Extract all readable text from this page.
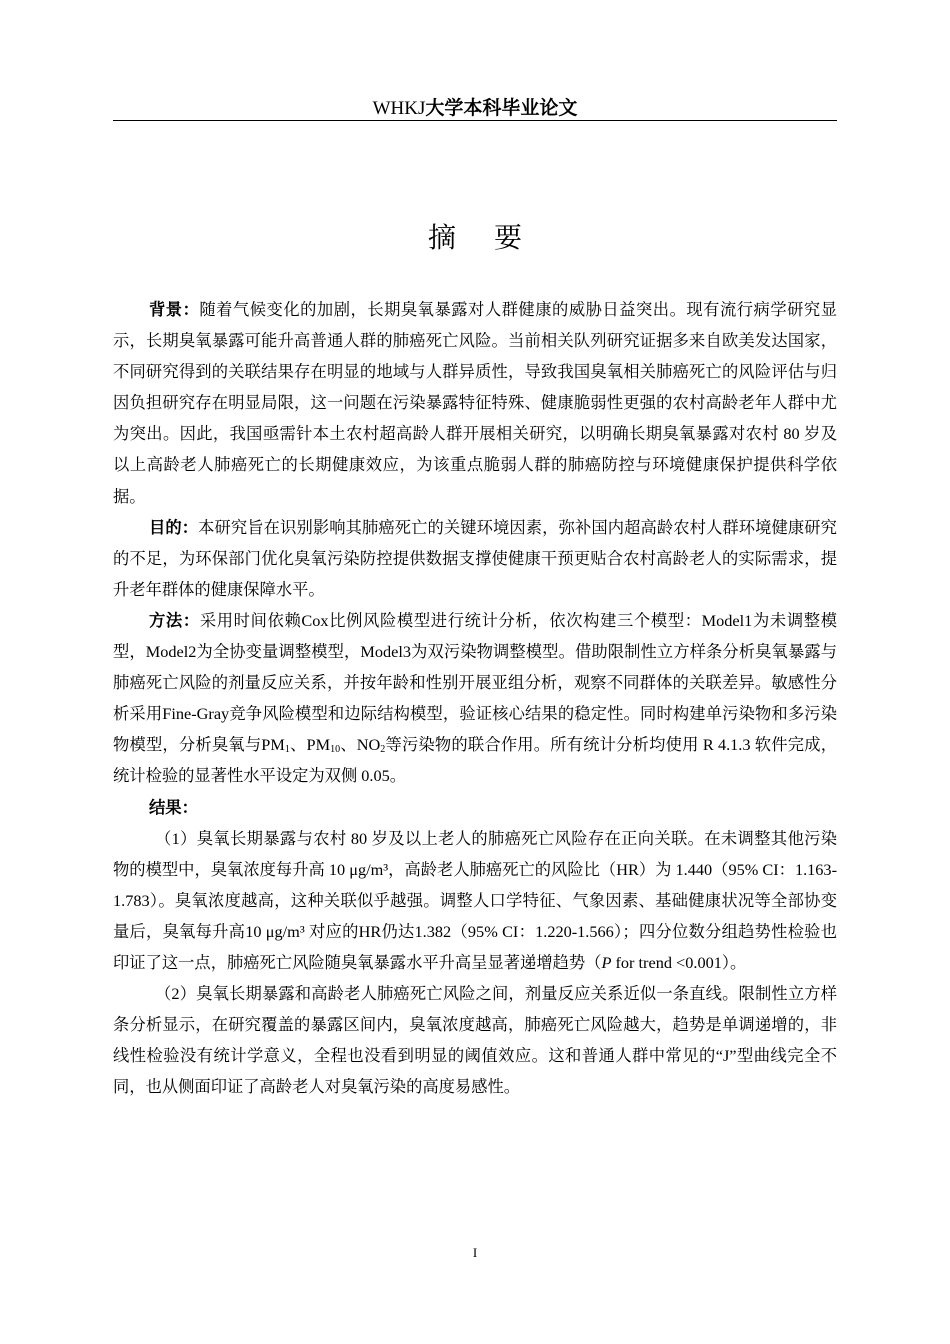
WHKJ大学本科毕业论文
摘要

背景：随着气候变化的加剧，长期臭氧暴露对人群健康的威胁日益突出。现有流行病学研究显示，长期臭氧暴露可能升高普通人群的肺癌死亡风险。当前相关队列研究证据多来自欧美发达国家，不同研究得到的关联结果存在明显的地域与人群异质性，导致我国臭氧相关肺癌死亡的风险评估与归因负担研究存在明显局限，这一问题在污染暴露特征特殊、健康脆弱性更强的农村高龄老年人群中尤为突出。因此，我国亟需针本土农村超高龄人群开展相关研究，以明确长期臭氧暴露对农村 80 岁及以上高龄老人肺癌死亡的长期健康效应，为该重点脆弱人群的肺癌防控与环境健康保护提供科学依据。

目的：本研究旨在识别影响其肺癌死亡的关键环境因素，弥补国内超高龄农村人群环境健康研究的不足，为环保部门优化臭氧污染防控提供数据支撑使健康干预更贴合农村高龄老人的实际需求，提升老年群体的健康保障水平。

方法：采用时间依赖Cox比例风险模型进行统计分析，依次构建三个模型：Model1为未调整模型，Model2为全协变量调整模型，Model3为双污染物调整模型。借助限制性立方样条分析臭氧暴露与肺癌死亡风险的剂量反应关系，并按年龄和性别开展亚组分析，观察不同群体的关联差异。敏感性分析采用Fine-Gray竞争风险模型和边际结构模型，验证核心结果的稳定性。同时构建单污染物和多污染物模型，分析臭氧与$PM_1$、$PM_{10}$、$NO_2$等污染物的联合作用。所有统计分析均使用 R 4.1.3 软件完成，统计检验的显著性水平设定为双侧 0.05。

结果：

（1）臭氧长期暴露与农村 80 岁及以上老人的肺癌死亡风险存在正向关联。在未调整其他污染物的模型中，臭氧浓度每升高 10 μg/m³，高龄老人肺癌死亡的风险比（HR）为 1.440（95% CI：1.163-1.783）。臭氧浓度越高，这种关联似乎越强。调整人口学特征、气象因素、基础健康状况等全部协变量后，臭氧每升高10 μg/m³ 对应的HR仍达1.382（95% CI：1.220-1.566）；四分位数分组趋势性检验也印证了这一点，肺癌死亡风险随臭氧暴露水平升高呈显著递增趋势（P for trend <0.001）。

（2）臭氧长期暴露和高龄老人肺癌死亡风险之间，剂量反应关系近似一条直线。限制性立方样条分析显示，在研究覆盖的暴露区间内，臭氧浓度越高，肺癌死亡风险越大，趋势是单调递增的，非线性检验没有统计学意义，全程也没看到明显的阈值效应。这和普通人群中常见的“J”型曲线完全不同，也从侧面印证了高龄老人对臭氧污染的高度易感性。

I
